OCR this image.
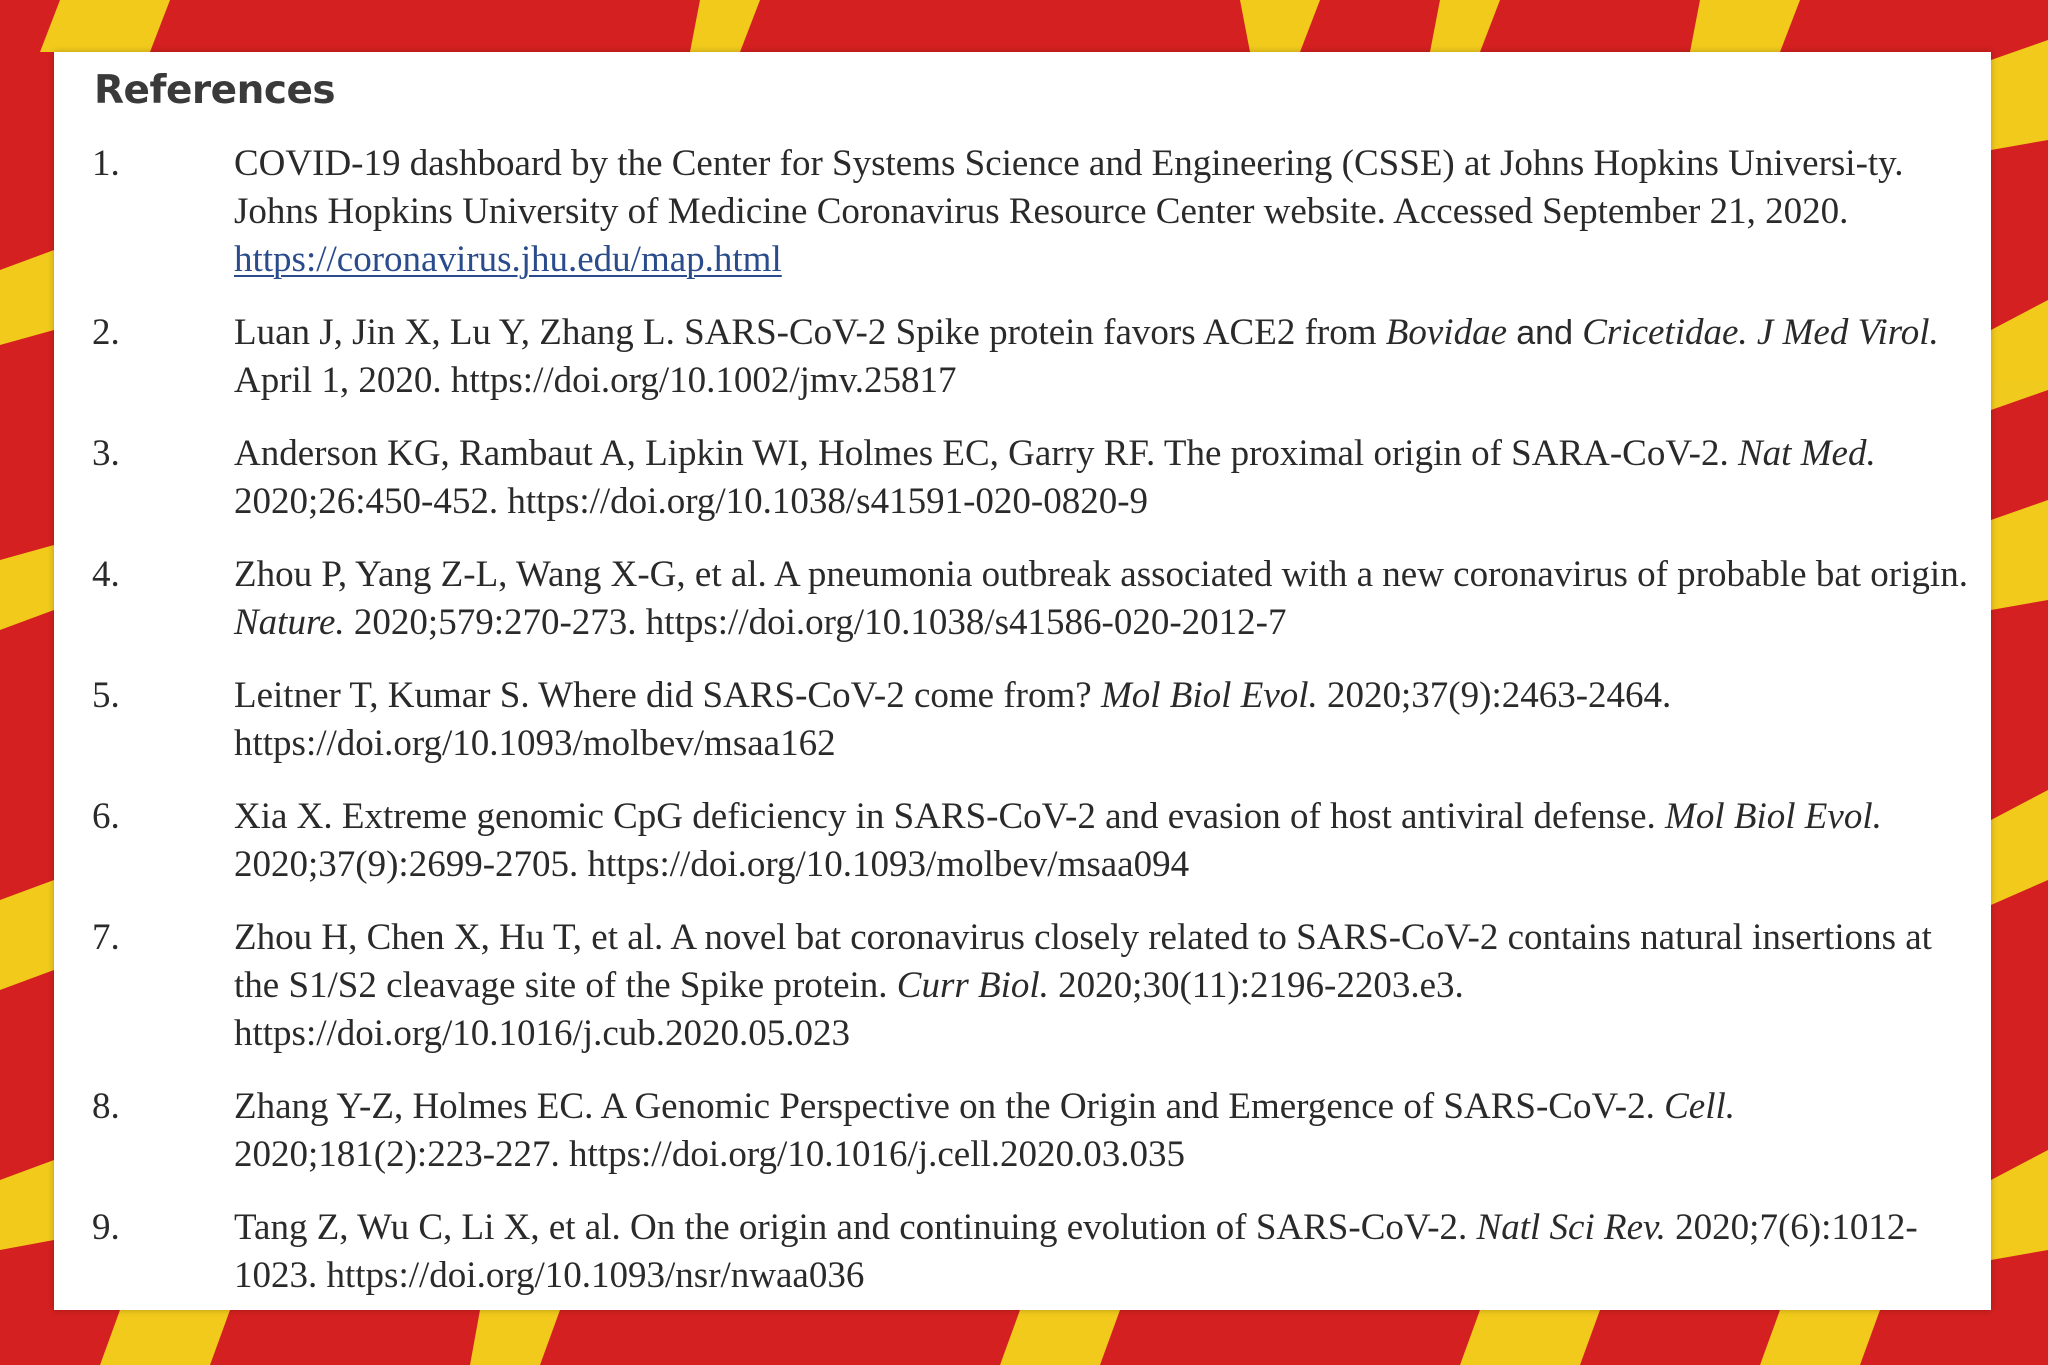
References
1.	COVID-19 dashboard by the Center for Systems Science and Engineering (CSSE) at Johns Hopkins Universi-ty. Johns Hopkins University of Medicine Coronavirus Resource Center website. Accessed September 21, 2020.
https://coronavirus.jhu.edu/map.html
2.	Luan J, Jin X, Lu Y, Zhang L. SARS-CoV-2 Spike protein favors ACE2 from Bovidae and Cricetidae. J Med Virol. April 1, 2020. https://doi.org/10.1002/jmv.25817
3.	Anderson KG, Rambaut A, Lipkin WI, Holmes EC, Garry RF. The proximal origin of SARA-CoV-2. Nat Med. 2020;26:450-452. https://doi.org/10.1038/s41591-020-0820-9
4.	Zhou P, Yang Z-L, Wang X-G, et al. A pneumonia outbreak associated with a new coronavirus of probable bat origin. Nature. 2020;579:270-273. https://doi.org/10.1038/s41586-020-2012-7
5.	Leitner T, Kumar S. Where did SARS-CoV-2 come from? Mol Biol Evol. 2020;37(9):2463-2464. https://doi.org/10.1093/molbev/msaa162
6.	Xia X. Extreme genomic CpG deficiency in SARS-CoV-2 and evasion of host antiviral defense. Mol Biol Evol. 2020;37(9):2699-2705. https://doi.org/10.1093/molbev/msaa094
7.	Zhou H, Chen X, Hu T, et al. A novel bat coronavirus closely related to SARS-CoV-2 contains natural insertions at the S1/S2 cleavage site of the Spike protein. Curr Biol. 2020;30(11):2196-2203.e3. https://doi.org/10.1016/j.cub.2020.05.023
8.	Zhang Y-Z, Holmes EC. A Genomic Perspective on the Origin and Emergence of SARS-CoV-2. Cell. 2020;181(2):223-227. https://doi.org/10.1016/j.cell.2020.03.035
9.	Tang Z, Wu C, Li X, et al. On the origin and continuing evolution of SARS-CoV-2. Natl Sci Rev. 2020;7(6):1012-1023. https://doi.org/10.1093/nsr/nwaa036
